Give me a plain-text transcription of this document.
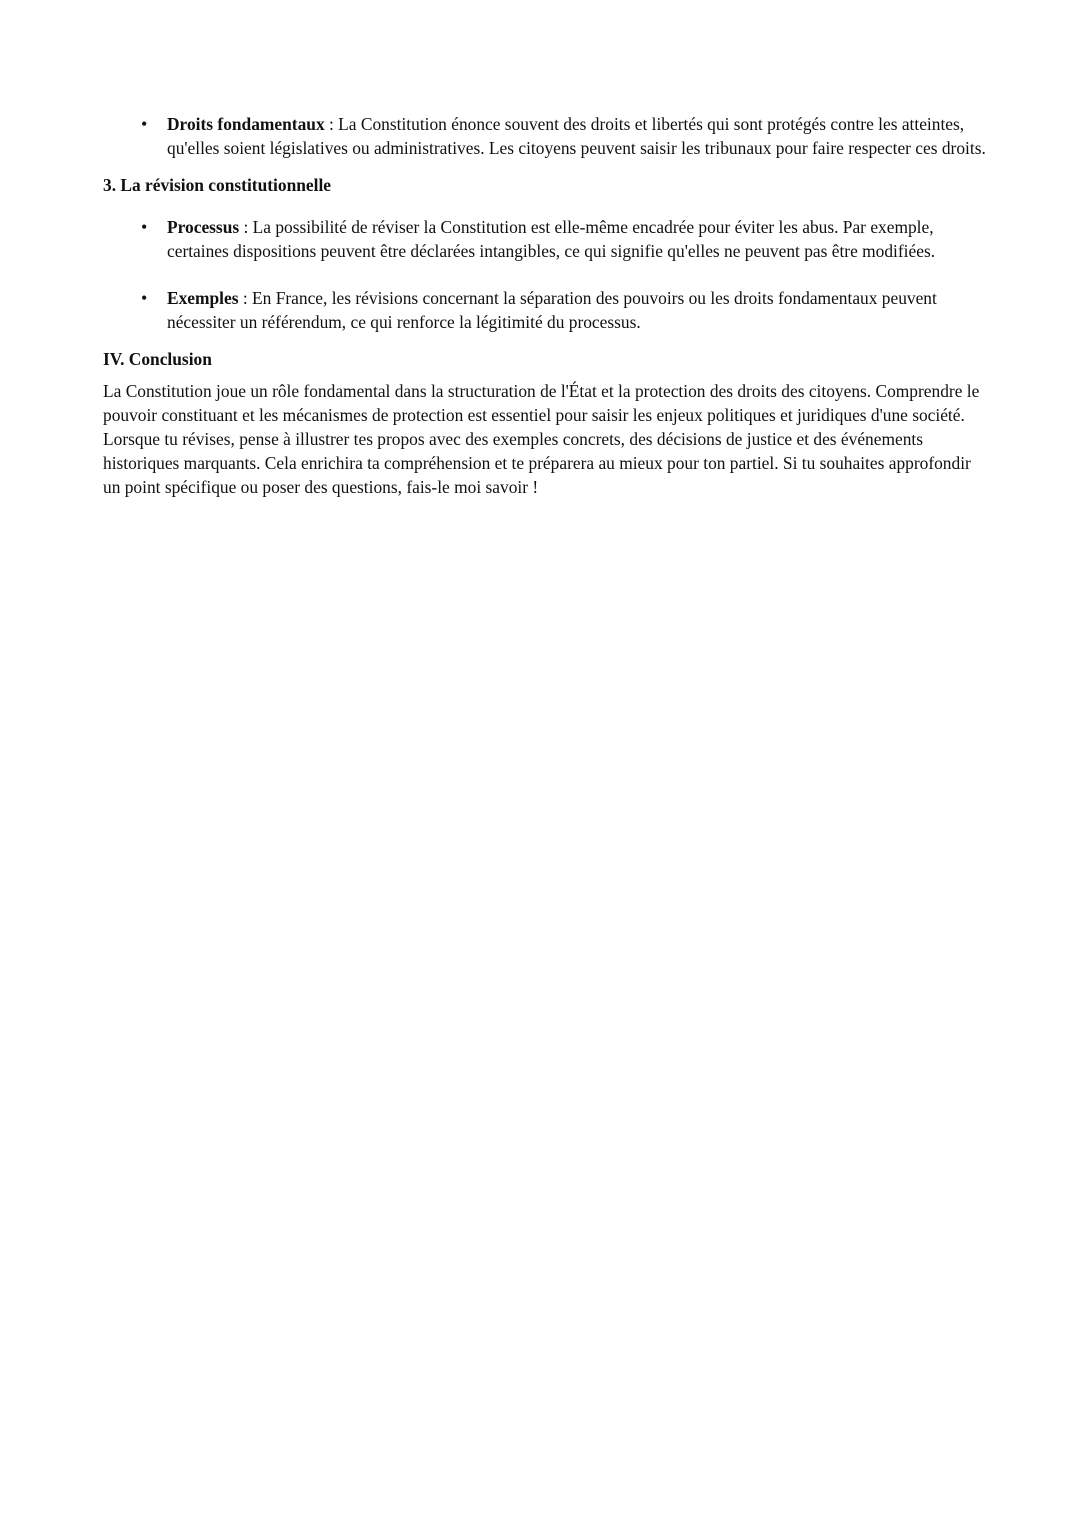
• Droits fondamentaux : La Constitution énonce souvent des droits et libertés qui sont protégés contre les atteintes, qu'elles soient législatives ou administratives. Les citoyens peuvent saisir les tribunaux pour faire respecter ces droits.
3. La révision constitutionnelle
• Processus : La possibilité de réviser la Constitution est elle-même encadrée pour éviter les abus. Par exemple, certaines dispositions peuvent être déclarées intangibles, ce qui signifie qu'elles ne peuvent pas être modifiées.
• Exemples : En France, les révisions concernant la séparation des pouvoirs ou les droits fondamentaux peuvent nécessiter un référendum, ce qui renforce la légitimité du processus.
IV. Conclusion

La Constitution joue un rôle fondamental dans la structuration de l'État et la protection des droits des citoyens. Comprendre le pouvoir constituant et les mécanismes de protection est essentiel pour saisir les enjeux politiques et juridiques d'une société. Lorsque tu révises, pense à illustrer tes propos avec des exemples concrets, des décisions de justice et des événements historiques marquants. Cela enrichira ta compréhension et te préparera au mieux pour ton partiel. Si tu souhaites approfondir un point spécifique ou poser des questions, fais-le moi savoir !
